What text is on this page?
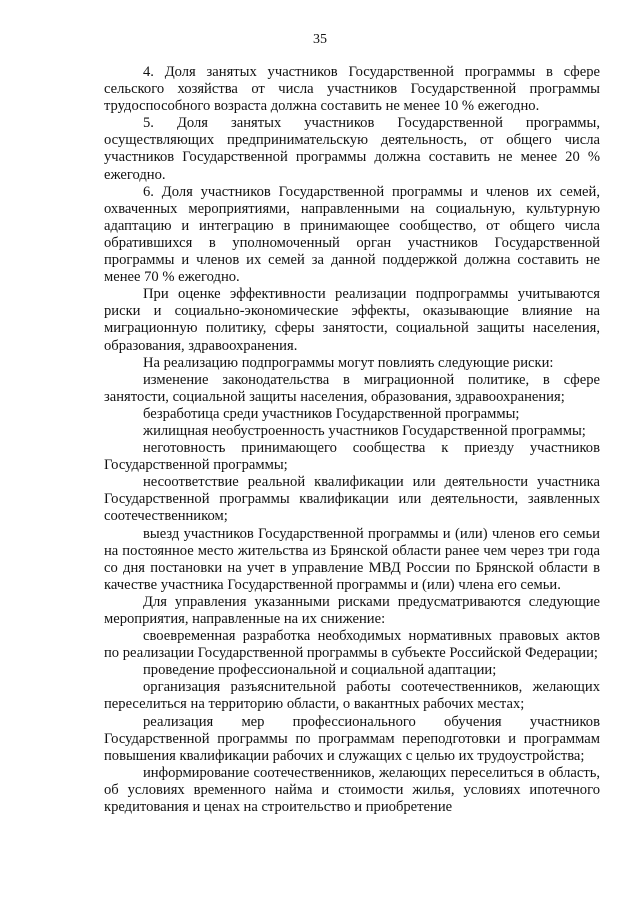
35

4. Доля занятых участников Государственной программы в сфере сельского хозяйства от числа участников Государственной программы трудоспособного возраста должна составить не менее 10 % ежегодно.

5. Доля занятых участников Государственной программы, осуществляющих предпринимательскую деятельность, от общего числа участников Государственной программы должна составить не менее 20 % ежегодно.

6. Доля участников Государственной программы и членов их семей, охваченных мероприятиями, направленными на социальную, культурную адаптацию и интеграцию в принимающее сообщество, от общего числа обратившихся в уполномоченный орган участников Государственной программы и членов их семей за данной поддержкой должна составить не менее 70 % ежегодно.

При оценке эффективности реализации подпрограммы учитываются риски и социально-экономические эффекты, оказывающие влияние на миграционную политику, сферы занятости, социальной защиты населения, образования, здравоохранения.

На реализацию подпрограммы могут повлиять следующие риски:

изменение законодательства в миграционной политике, в сфере занятости, социальной защиты населения, образования, здравоохранения;

безработица среди участников Государственной программы;

жилищная необустроенность участников Государственной программы;

неготовность принимающего сообщества к приезду участников Государственной программы;

несоответствие реальной квалификации или деятельности участника Государственной программы квалификации или деятельности, заявленных соотечественником;

выезд участников Государственной программы и (или) членов его семьи на постоянное место жительства из Брянской области ранее чем через три года со дня постановки на учет в управление МВД России по Брянской области в качестве участника Государственной программы и (или) члена его семьи.

Для управления указанными рисками предусматриваются следующие мероприятия, направленные на их снижение:

своевременная разработка необходимых нормативных правовых актов по реализации Государственной программы в субъекте Российской Федерации;

проведение профессиональной и социальной адаптации;

организация разъяснительной работы соотечественников, желающих переселиться на территорию области, о вакантных рабочих местах;

реализация мер профессионального обучения участников Государственной программы по программам переподготовки и программам повышения квалификации рабочих и служащих с целью их трудоустройства;

информирование соотечественников, желающих переселиться в область, об условиях временного найма и стоимости жилья, условиях ипотечного кредитования и ценах на строительство и приобретение
